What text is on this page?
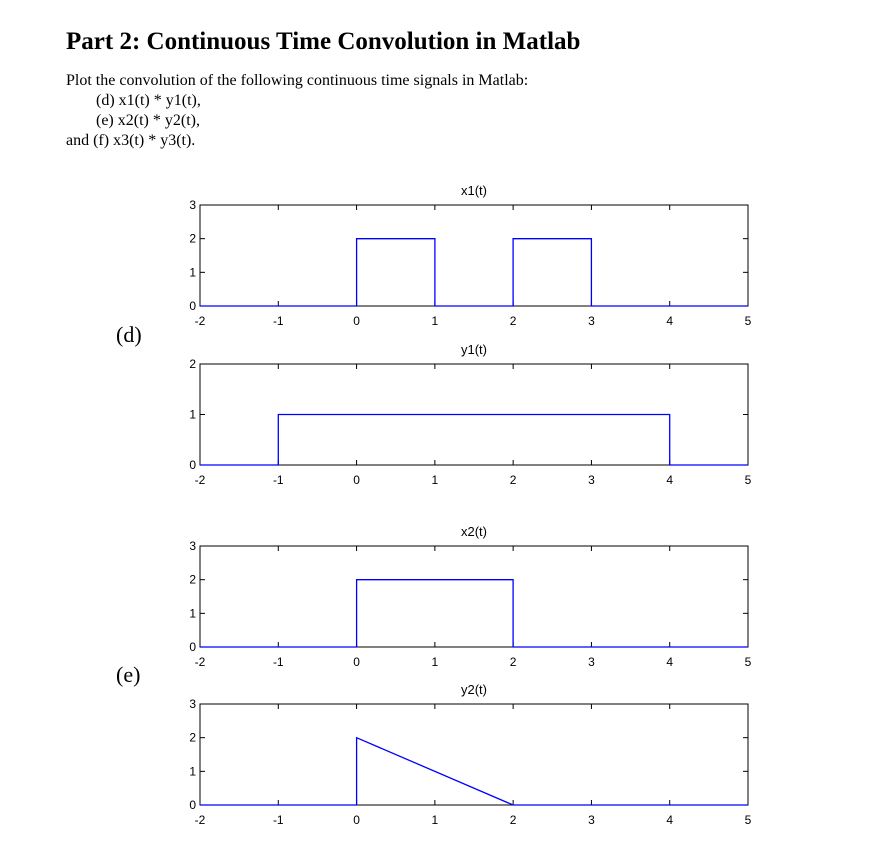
Part 2: Continuous Time Convolution in Matlab
Plot the convolution of the following continuous time signals in Matlab:
(d) x1(t) * y1(t),
(e) x2(t) * y2(t),
and (f) x3(t) * y3(t).
(d)
(e)
x1(t)
-2	-1	0	1	2	3	4	5
0
1
2
3
y1(t)
-2	-1	0	1	2	3	4	5
0
1
2
x2(t)
-2	-1	0	1	2	3	4	5
0
1
2
3
y2(t)
-2	-1	0	1	2	3	4	5
0
1
2
3
